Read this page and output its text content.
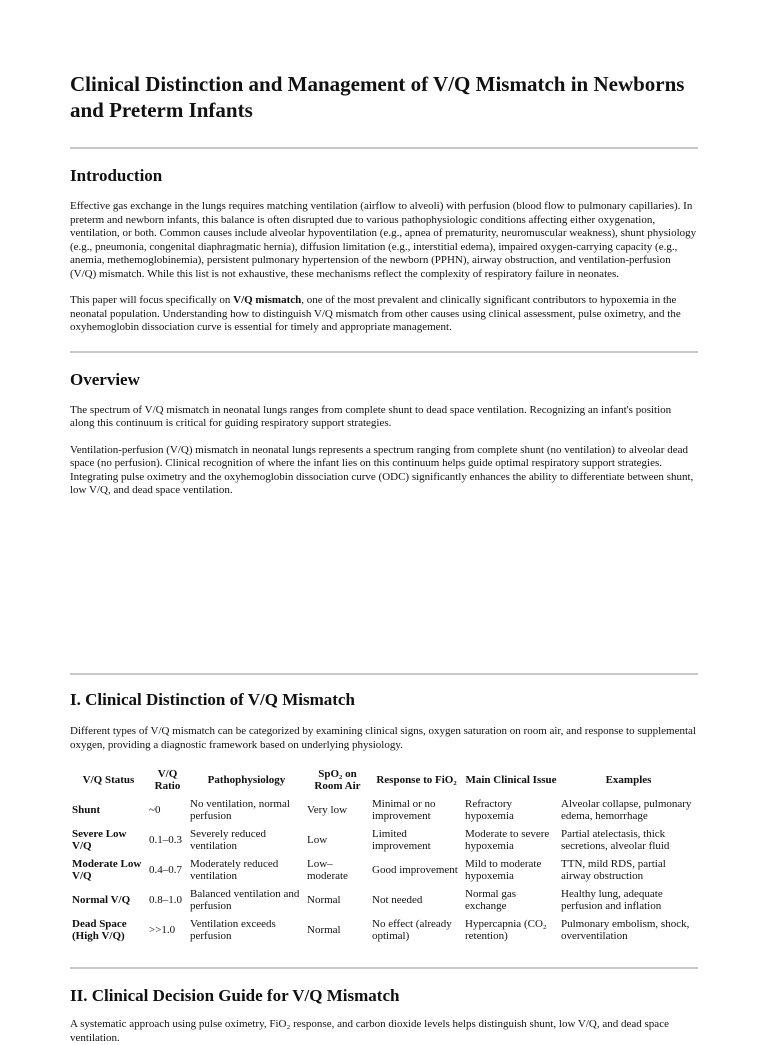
Clinical Distinction and Management of V/Q Mismatch in Newborns and Preterm Infants
Introduction

Effective gas exchange in the lungs requires matching ventilation (airflow to alveoli) with perfusion (blood flow to pulmonary capillaries). In preterm and newborn infants, this balance is often disrupted due to various pathophysiologic conditions affecting either oxygenation, ventilation, or both. Common causes include alveolar hypoventilation (e.g., apnea of prematurity, neuromuscular weakness), shunt physiology (e.g., pneumonia, congenital diaphragmatic hernia), diffusion limitation (e.g., interstitial edema), impaired oxygen-carrying capacity (e.g., anemia, methemoglobinemia), persistent pulmonary hypertension of the newborn (PPHN), airway obstruction, and ventilation-perfusion (V/Q) mismatch. While this list is not exhaustive, these mechanisms reflect the complexity of respiratory failure in neonates.

This paper will focus specifically on V/Q mismatch, one of the most prevalent and clinically significant contributors to hypoxemia in the neonatal population. Understanding how to distinguish V/Q mismatch from other causes using clinical assessment, pulse oximetry, and the oxyhemoglobin dissociation curve is essential for timely and appropriate management.

Overview

The spectrum of V/Q mismatch in neonatal lungs ranges from complete shunt to dead space ventilation. Recognizing an infant's position along this continuum is critical for guiding respiratory support strategies.

Ventilation-perfusion (V/Q) mismatch in neonatal lungs represents a spectrum ranging from complete shunt (no ventilation) to alveolar dead space (no perfusion). Clinical recognition of where the infant lies on this continuum helps guide optimal respiratory support strategies. Integrating pulse oximetry and the oxyhemoglobin dissociation curve (ODC) significantly enhances the ability to differentiate between shunt, low V/Q, and dead space ventilation.

I. Clinical Distinction of V/Q Mismatch

Different types of V/Q mismatch can be categorized by examining clinical signs, oxygen saturation on room air, and response to supplemental oxygen, providing a diagnostic framework based on underlying physiology.

V/Q Status	V/Q Ratio	Pathophysiology	SpO₂ on Room Air	Response to FiO₂	Main Clinical Issue	Examples
Shunt	~0	No ventilation, normal perfusion	Very low	Minimal or no improvement	Refractory hypoxemia	Alveolar collapse, pulmonary edema, hemorrhage
Severe Low V/Q	0.1–0.3	Severely reduced ventilation	Low	Limited improvement	Moderate to severe hypoxemia	Partial atelectasis, thick secretions, alveolar fluid
Moderate Low V/Q	0.4–0.7	Moderately reduced ventilation	Low–moderate	Good improvement	Mild to moderate hypoxemia	TTN, mild RDS, partial airway obstruction
Normal V/Q	0.8–1.0	Balanced ventilation and perfusion	Normal	Not needed	Normal gas exchange	Healthy lung, adequate perfusion and inflation
Dead Space (High V/Q)	>>1.0	Ventilation exceeds perfusion	Normal	No effect (already optimal)	Hypercapnia (CO₂ retention)	Pulmonary embolism, shock, overventilation
II. Clinical Decision Guide for V/Q Mismatch

A systematic approach using pulse oximetry, FiO₂ response, and carbon dioxide levels helps distinguish shunt, low V/Q, and dead space ventilation.
